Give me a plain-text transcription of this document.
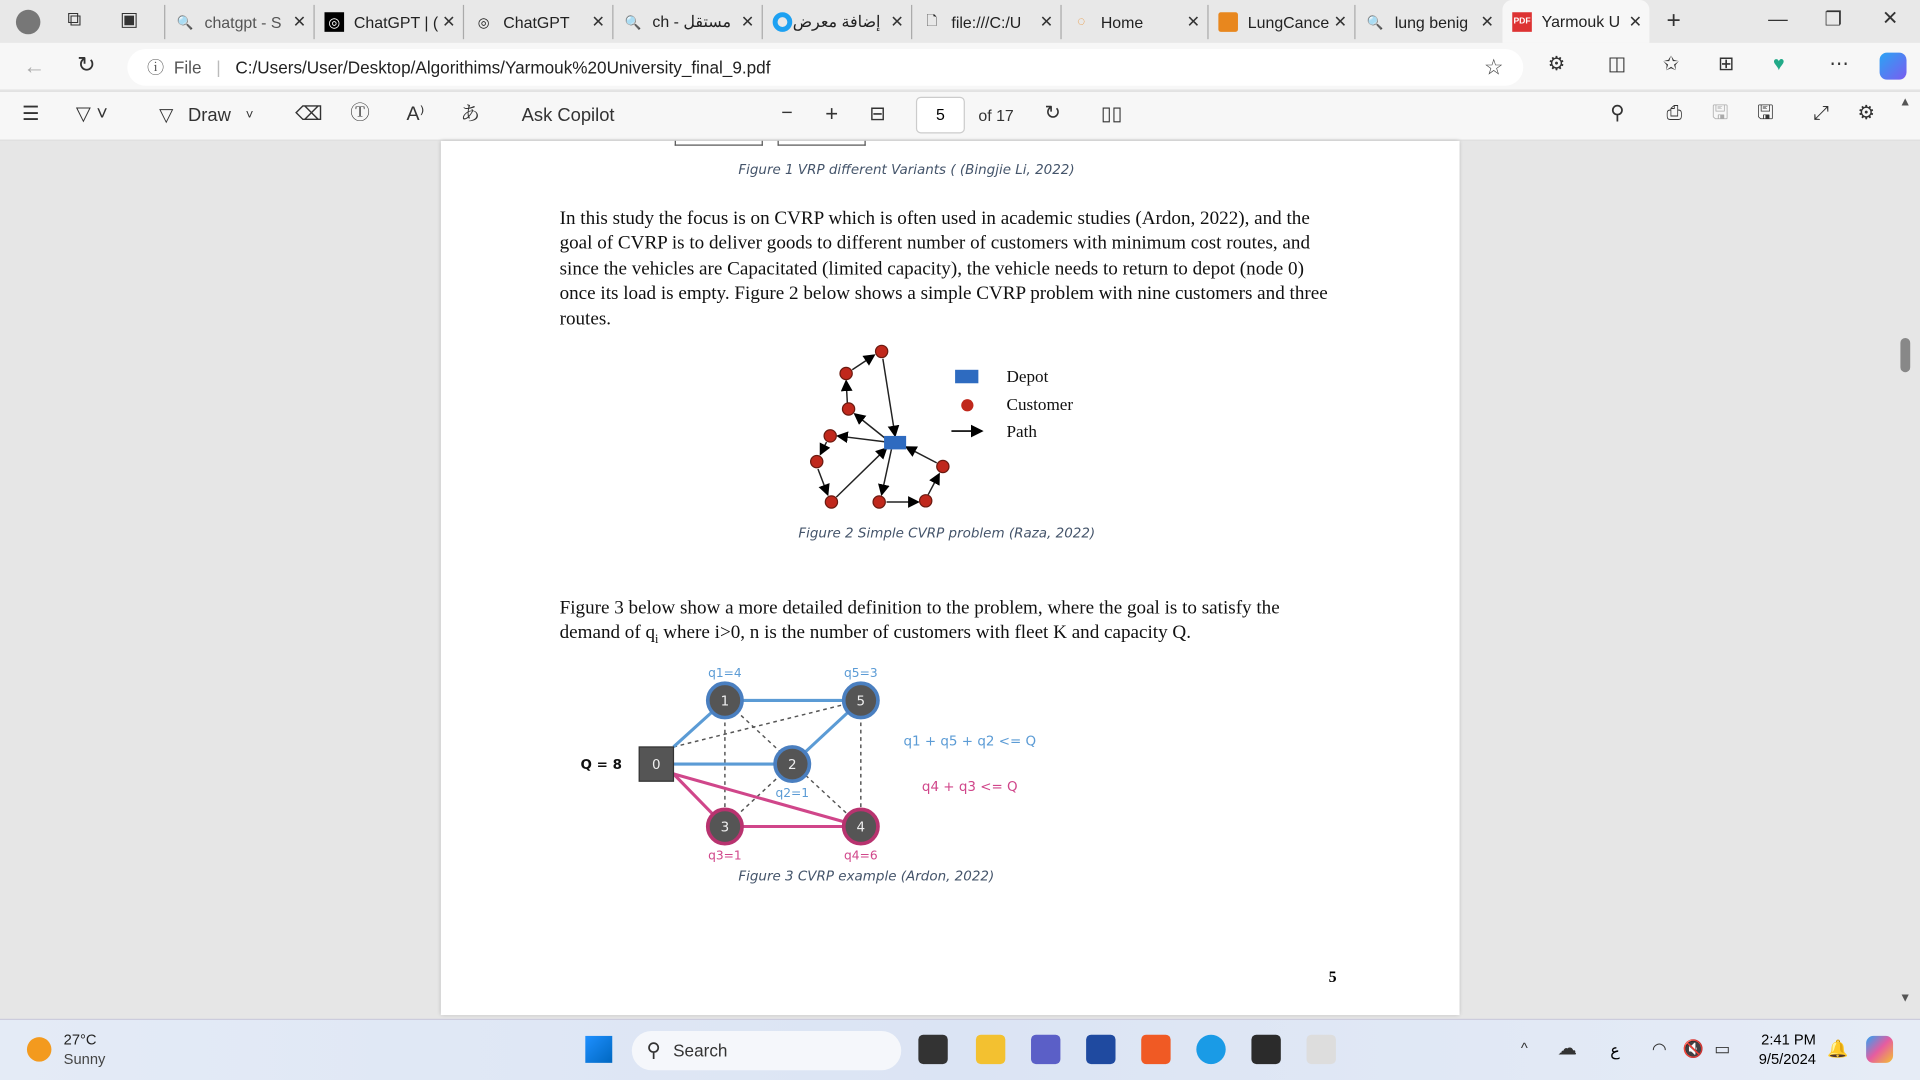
⧉ ▣	🔍 chatgpt - S ✕	◎	ChatGPT | ( ✕	◎	ChatGPT	✕ 🔍 مستقل - ch ✕	إضافة معرض ✕	🗋	file:///C:/U	✕	◌	Home	✕	LungCance ✕ 🔍 lung benig ✕	PDF Yarmouk U ✕ +	— ❐ ✕
← ↻	ⓘ File | C:/Users/User/Desktop/Algorithims/Yarmouk%20University_final_9.pdf	☆	⚙	◫ ✩ ⊞ ♥	⋯
☰ ▽ ˅	▽ Draw ˅	⌫ Ⓣ A⁾ あ	Ask Copilot	− + ⊟	5	of 17 ↻ ▯▯	⚲	⎙ 🖫 🖫 ⤢ ⚙
Figure 1 VRP different Variants ( (Bingjie Li, 2022)
In this study the focus is on CVRP which is often used in academic studies (Ardon, 2022), and the goal of CVRP is to deliver goods to different number of customers with minimum cost routes, and since the vehicles are Capacitated (limited capacity), the vehicle needs to return to depot (node 0) once its load is empty. Figure 2 below shows a simple CVRP problem with nine customers and three routes.
Depot
Customer
Path
0
1
2
3	4
5
q1=4	q5=3
q2=1
q3=1	q4=6
Q = 8
q1 + q5 + q2 <= Q
q4 + q3 <= Q
Figure 2 Simple CVRP problem (Raza, 2022)
Figure 3 below show a more detailed definition to the problem, where the goal is to satisfy the demand of $q_i$ where i>0, n is the number of customers with fleet K and capacity Q.
Figure 3 CVRP example (Ardon, 2022)
5
▲
▼
27°C
Sunny	⚲ Search	^ ☁	ع ◠ 🔇 ▭	2:41 PM
9/5/2024
🔔
